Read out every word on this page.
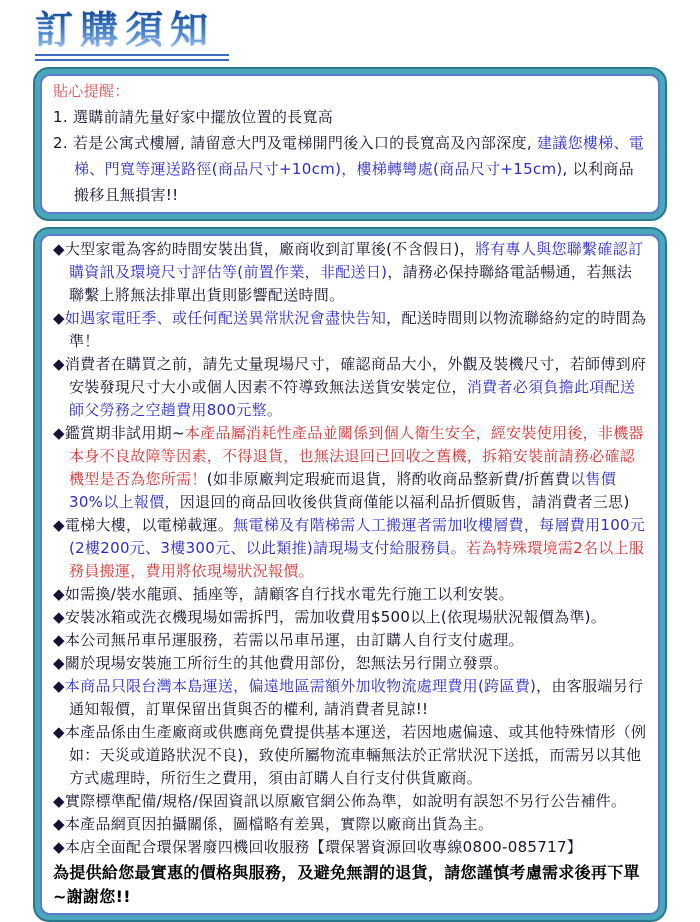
訂購須知
貼心提醒：
1. 選購前請先量好家中擺放位置的長寬高
2. 若是公寓式樓層, 請留意大門及電梯開門後入口的長寬高及內部深度, 建議您樓梯、電梯、門寬等運送路徑(商品尺寸+10cm)，樓梯轉彎處(商品尺寸+15cm), 以利商品搬移且無損害!!
◆大型家電為客約時間安裝出貨，廠商收到訂單後(不含假日)，將有專人與您聯繫確認訂購資訊及環境尺寸評估等(前置作業，非配送日)，請務必保持聯絡電話暢通，若無法聯繫上將無法排單出貨則影響配送時間。
◆如遇家電旺季、或任何配送異常狀況會盡快告知，配送時間則以物流聯絡約定的時間為準！
◆消費者在購買之前，請先丈量現場尺寸，確認商品大小，外觀及裝機尺寸，若師傅到府安裝發現尺寸大小或個人因素不符導致無法送貨安裝定位，消費者必須負擔此項配送師父勞務之空趟費用800元整。
◆鑑賞期非試用期~本產品屬消耗性產品並關係到個人衛生安全，經安裝使用後，非機器本身不良故障等因素，不得退貨，也無法退回已回收之舊機，拆箱安裝前請務必確認機型是否為您所需！(如非原廠判定瑕疵而退貨，將酌收商品整新費/折舊費以售價30%以上報價，因退回的商品回收後供貨商僅能以福利品折價販售，請消費者三思)
◆電梯大樓，以電梯載運。無電梯及有階梯需人工搬運者需加收樓層費，每層費用100元(2樓200元、3樓300元、以此類推)請現場支付給服務員。若為特殊環境需2名以上服務員搬運，費用將依現場狀況報價。
◆如需換/裝水龍頭、插座等，請顧客自行找水電先行施工以利安裝。
◆安裝冰箱或洗衣機現場如需拆門，需加收費用$500以上(依現場狀況報價為準)。
◆本公司無吊車吊運服務，若需以吊車吊運，由訂購人自行支付處理。
◆關於現場安裝施工所衍生的其他費用部份，恕無法另行開立發票。
◆本商品只限台灣本島運送，偏遠地區需額外加收物流處理費用(跨區費)，由客服端另行通知報價，訂單保留出貨與否的權利, 請消費者見諒!!
◆本產品係由生產廠商或供應商免費提供基本運送，若因地處偏遠、或其他特殊情形（例如：天災或道路狀況不良)，致使所屬物流車輛無法於正常狀況下送抵，而需另以其他方式處理時，所衍生之費用，須由訂購人自行支付供貨廠商。
◆實際標準配備/規格/保固資訊以原廠官網公佈為準，如說明有誤恕不另行公告補件。
◆本產品網頁因拍攝關係，圖檔略有差異，實際以廠商出貨為主。
◆本店全面配合環保署廢四機回收服務【環保署資源回收專線0800-085717】
為提供給您最實惠的價格與服務，及避免無謂的退貨，請您謹慎考慮需求後再下單~謝謝您!!
